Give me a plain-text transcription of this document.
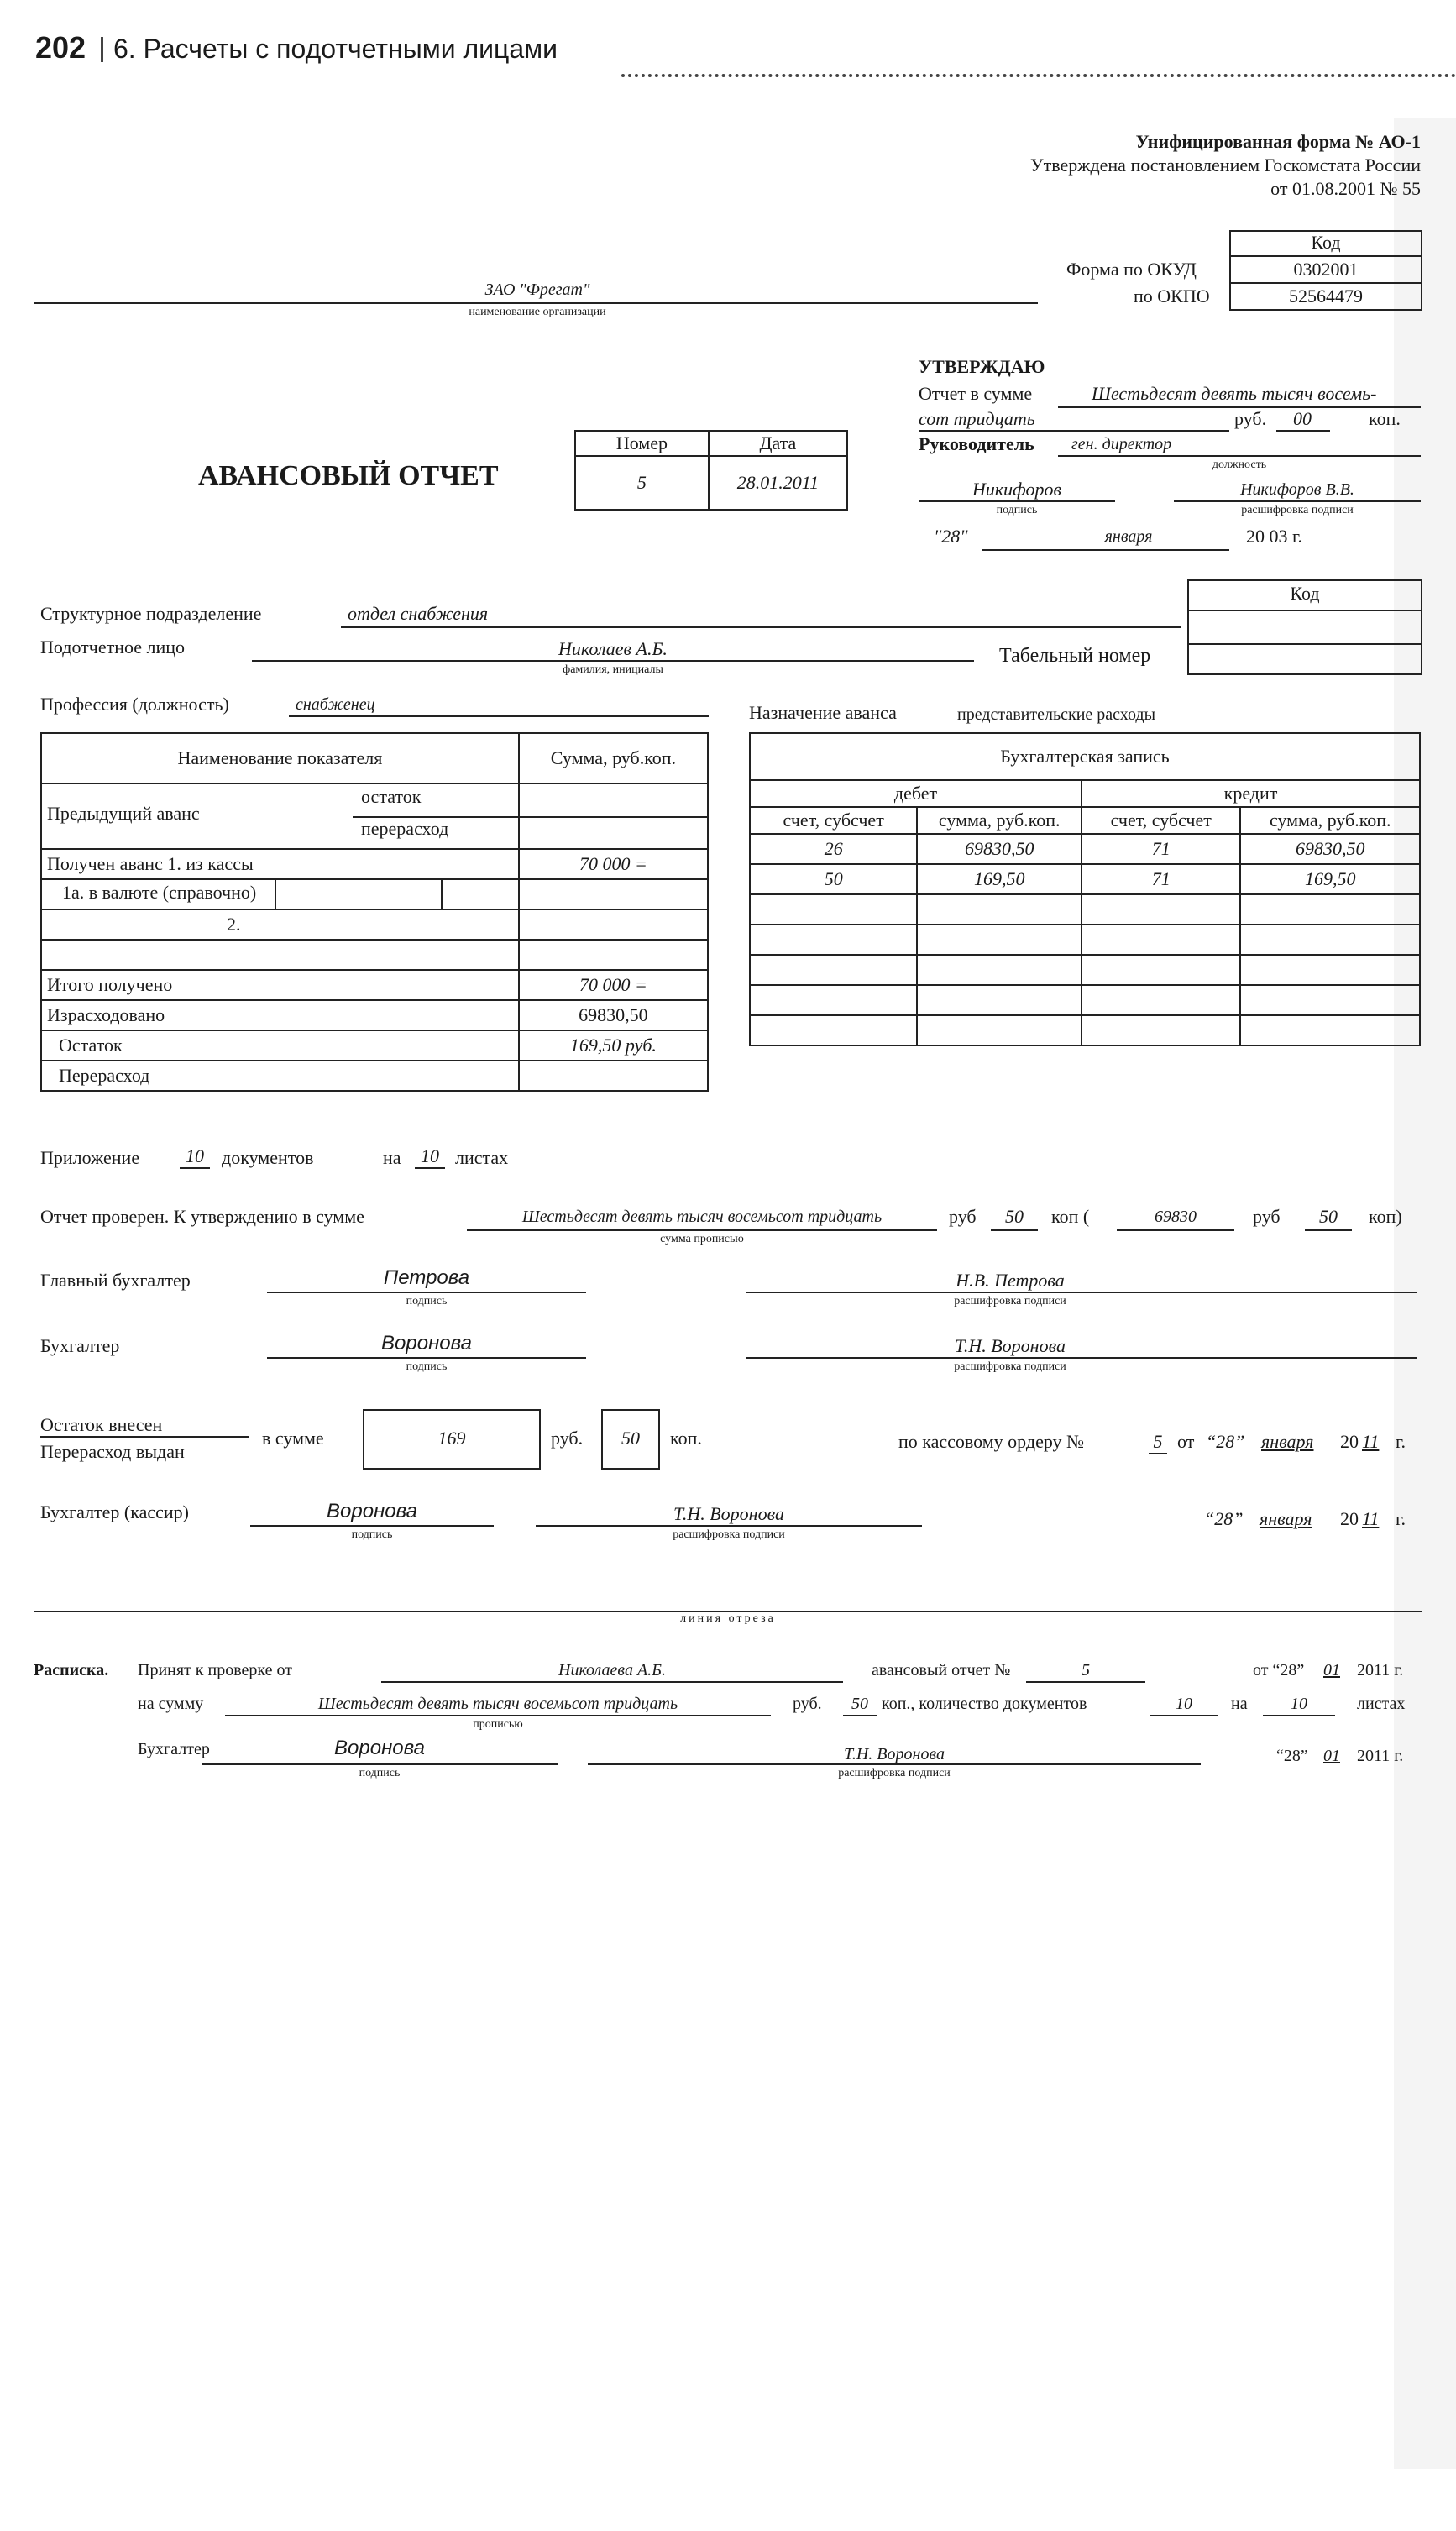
202 6. Расчеты с подотчетными лицами
Унифицированная форма № АО-1
Утверждена постановлением Госкомстата России
от 01.08.2001 № 55
Код
0302001
52564479
Форма по ОКУД
по ОКПО
ЗАО "Фрегат"
наименование организации
УТВЕРЖДАЮ
Отчет в сумме	Шестьдесят девять тысяч восемь-
сот тридцать	руб. 00	коп.
Руководитель ген. директор
должность
Никифоров
подпись
Никифоров В.В.
расшифровка подписи
"28"	января	20 03 г.
АВАНСОВЫЙ ОТЧЕТ
Номер	Дата
5	28.01.2011
Код
Структурное подразделение	отдел снабжения
Подотчетное лицо	Николаев А.Б.
фамилия, инициалы
Табельный номер
Профессия (должность)	снабженец	Назначение аванса	представительские расходы
Наименование показателя	Сумма, руб.коп.

Предыдущий аванс
остаток
перерасход	

Получен аванс 1. из кассы	70 000 =
1а. в валюте (справочно)	
2.	

Итого получено	70 000 =
Израсходовано	69830,50
Остаток	169,50 руб.
Перерасход	
Бухгалтерская запись			
дебет		кредит	
счет, субсчет	сумма, руб.коп.	счет, субсчет	сумма, руб.коп.
26	69830,50	71	69830,50
50	169,50	71	169,50

Приложение	10 документов	на	10 листах
Отчет проверен. К утверждению в сумме	Шестьдесят девять тысяч восемьсот тридцать
сумма прописью
руб	50	коп (	69830	руб	50	коп)
Главный бухгалтер	Петрова
подпись
Н.В. Петрова
расшифровка подписи
Бухгалтер	Воронова
подпись
Т.Н. Воронова
расшифровка подписи
Остаток внесен
Перерасход выдан
в сумме	169	руб.	50	коп.	по кассовому ордеру №	5 от “28” января 20 11 г.
Бухгалтер (кассир)	Воронова
подпись
Т.Н. Воронова
расшифровка подписи
“28” января 20 11 г.
линия отреза
Расписка. Принят к проверке от	Николаева А.Б.	авансовый отчет №	5	от “28” 01 2011 г.
на сумму	Шестьдесят девять тысяч восемьсот тридцать
прописью
руб.	50 коп., количество документов	10	на	10	листах
Бухгалтер	Воронова
подпись
Т.Н. Воронова
расшифровка подписи
“28” 01 2011 г.
